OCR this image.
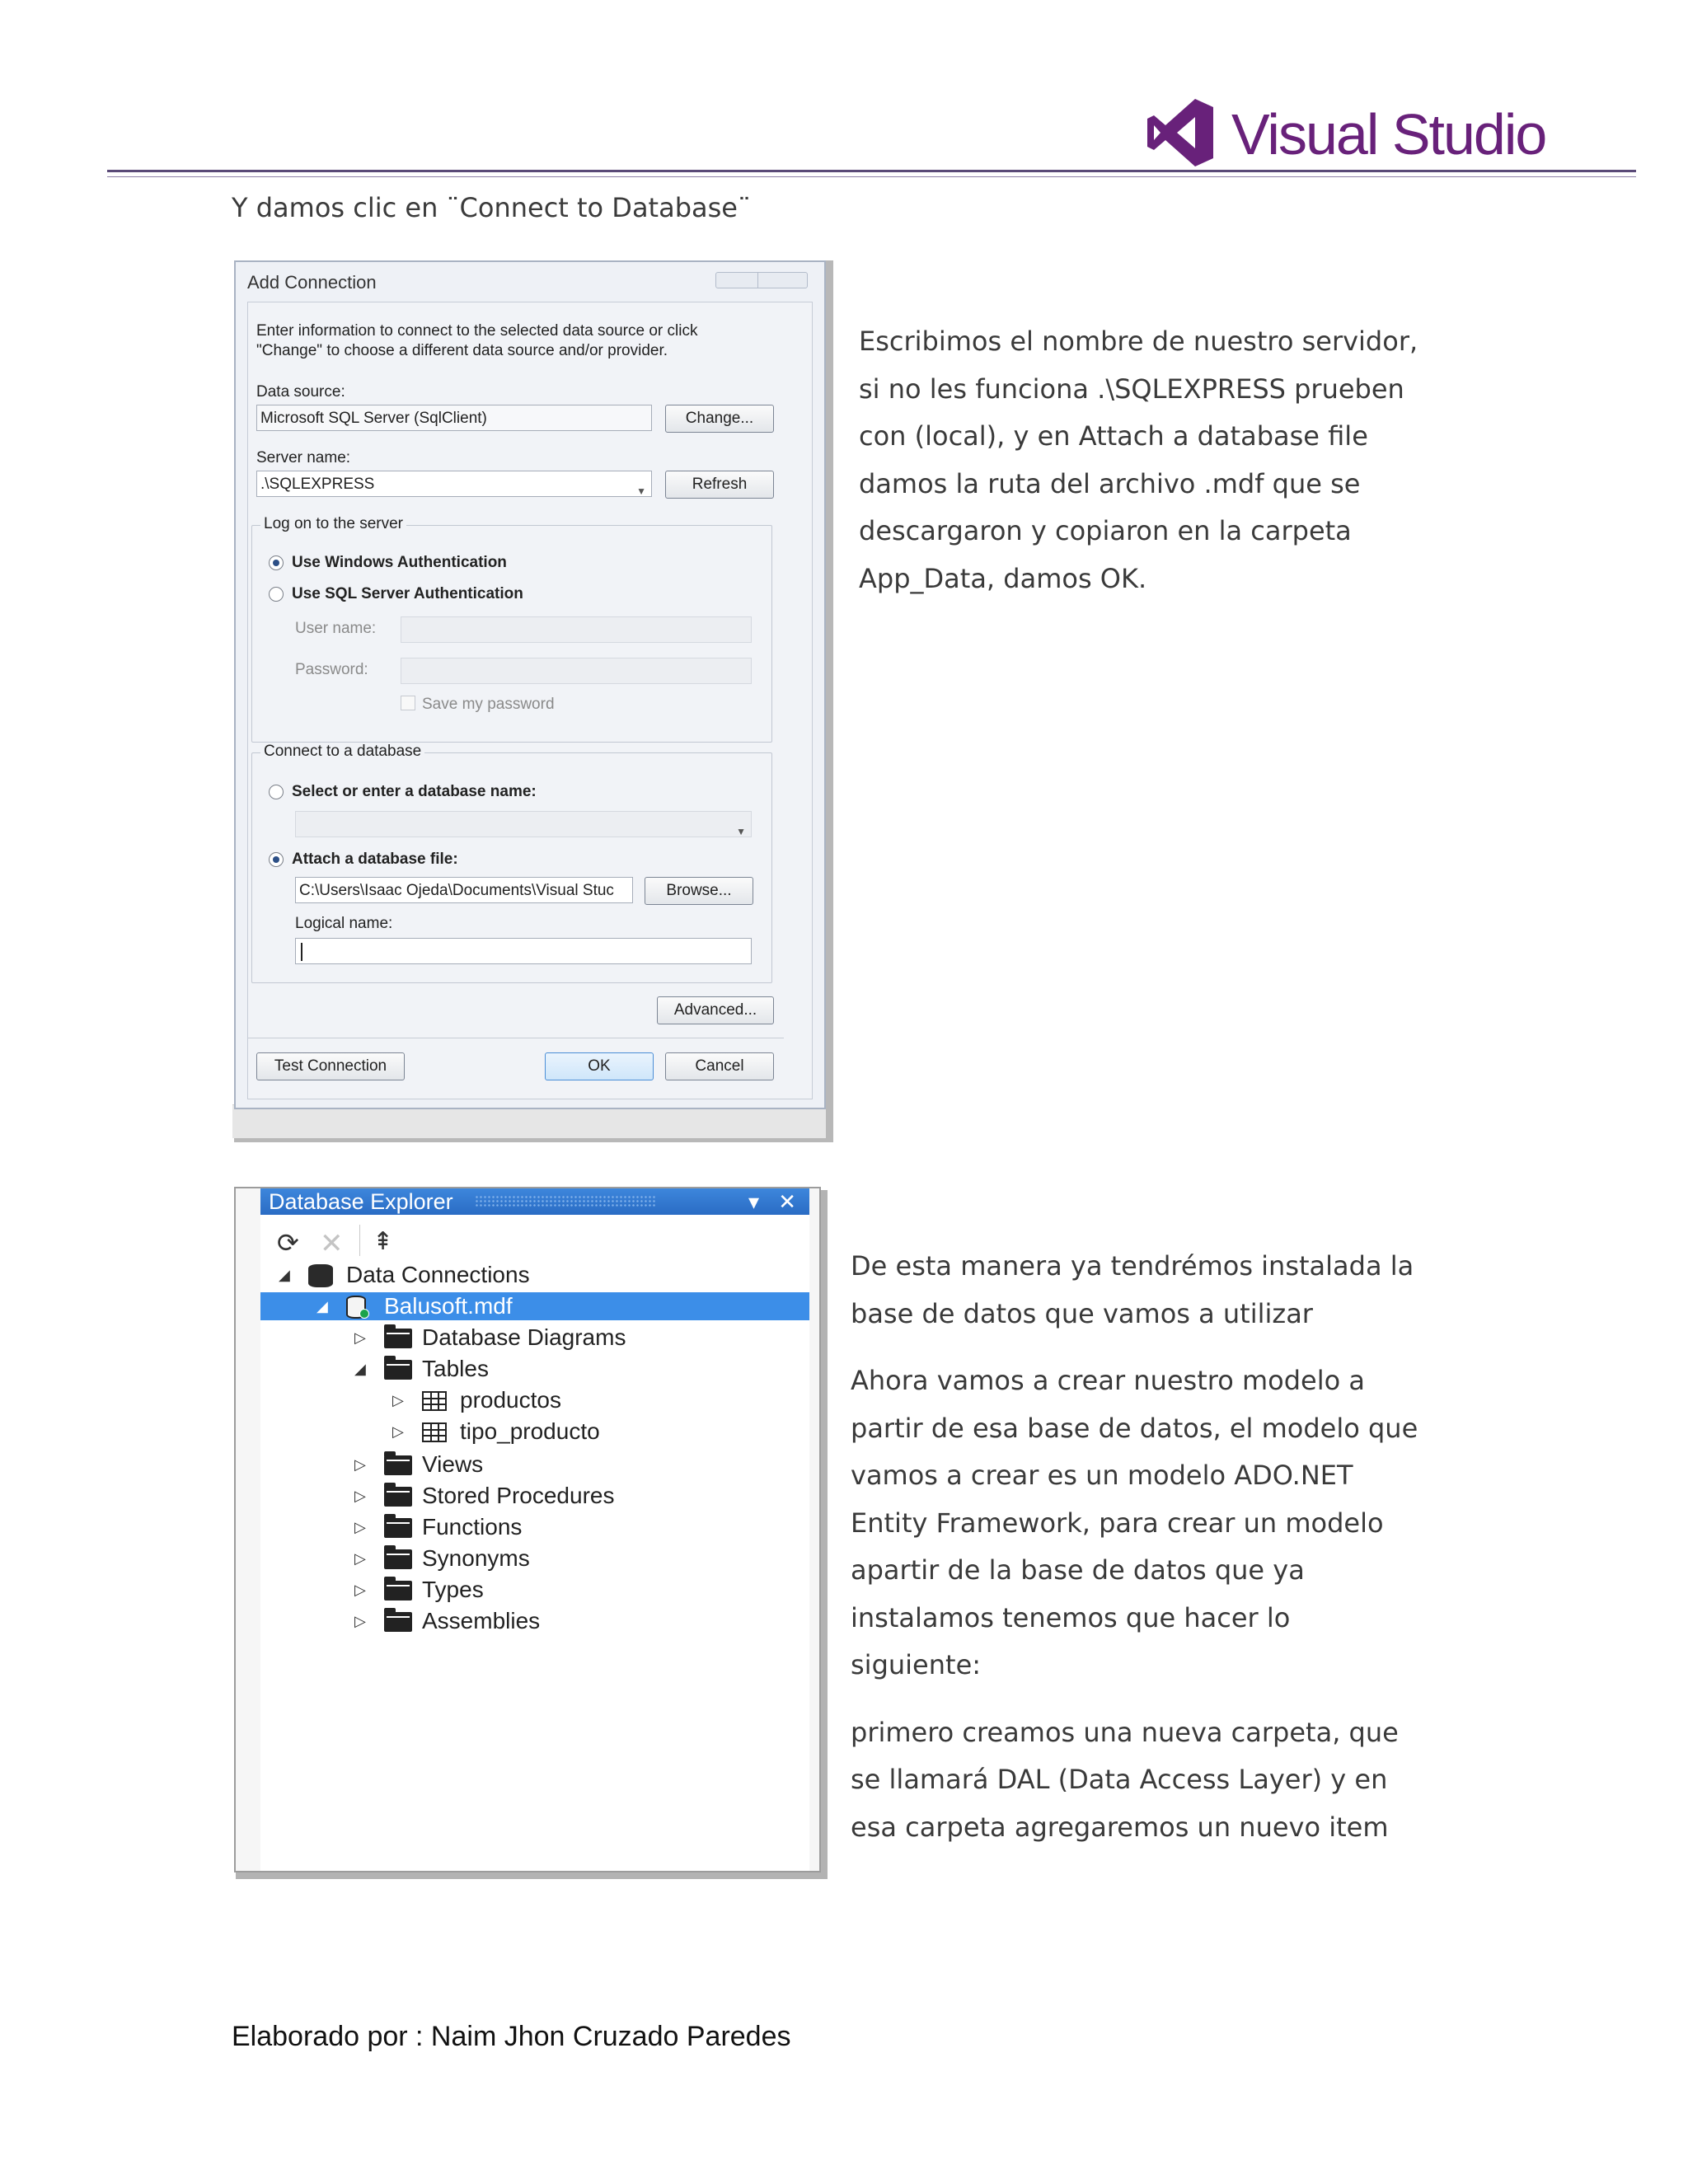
Visual Studio
Y damos clic en ¨Connect to Database¨
Add Connection
Enter information to connect to the selected data source or click
"Change" to choose a different data source and/or provider.
Data source:
Microsoft SQL Server (SqlClient)	Change...
Server name:
.\SQLEXPRESS	▼	Refresh
Log on to the server
Use Windows Authentication
Use SQL Server Authentication
User name:
Password:
Save my password
Connect to a database
Select or enter a database name:
▼
Attach a database file:
C:\Users\Isaac Ojeda\Documents\Visual Stuc	Browse...
Logical name:
Advanced...
Test Connection	OK	Cancel

Escribimos el nombre de nuestro servidor, si no les funciona .\SQLEXPRESS prueben con (local), y en Attach a database file damos la ruta del archivo .mdf que se descargaron y copiaron en la carpeta App_Data, damos OK.

⟳ ✕ ⇞
◢ Data Connections
◢ Balusoft.mdf
▷ Database Diagrams
◢ Tables
▷ productos
▷ tipo_producto
▷ Views
▷ Stored Procedures
▷ Functions
▷ Synonyms
▷ Types
▷ Assemblies
Database Explorer	▾ ✕

De esta manera ya tendrémos instalada la base de datos que vamos a utilizar

Ahora vamos a crear nuestro modelo a partir de esa base de datos, el modelo que vamos a crear es un modelo ADO.NET Entity Framework, para crear un modelo apartir de la base de datos que ya instalamos tenemos que hacer lo siguiente:

primero creamos una nueva carpeta, que se llamará DAL (Data Access Layer) y en esa carpeta agregaremos un nuevo item

Elaborado por : Naim Jhon Cruzado Paredes
